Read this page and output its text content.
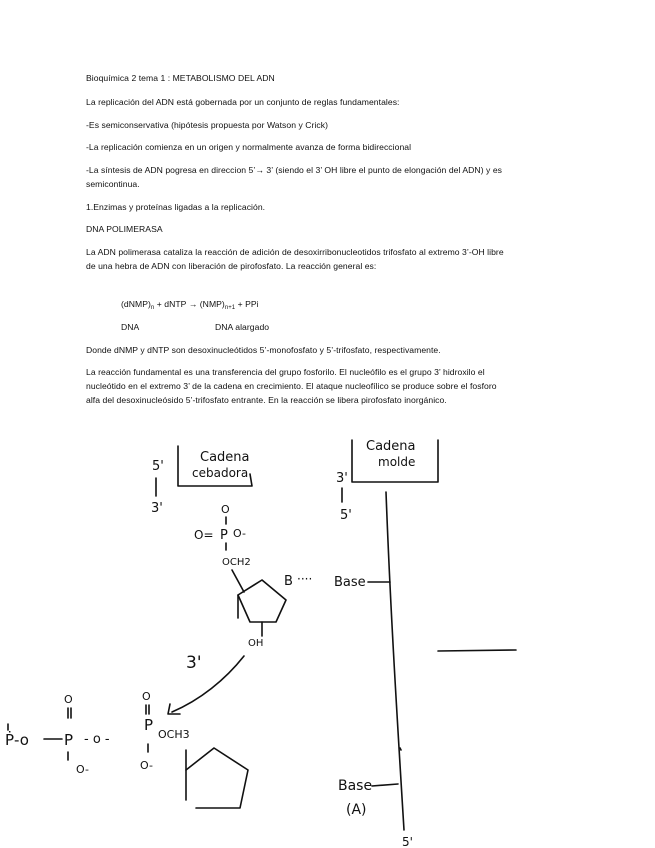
Bioquímica 2 tema 1 : METABOLISMO DEL ADN

La replicación del ADN está gobernada por un conjunto de reglas fundamentales:

-Es semiconservativa (hipótesis propuesta por Watson y Crick)

-La replicación comienza en un origen y normalmente avanza de forma bidireccional

-La síntesis de ADN pogresa en direccion 5’→ 3’ (siendo el 3’ OH libre el punto de elongación del ADN) y es semicontinua.

1.Enzimas y proteínas ligadas a la replicación.

DNA POLIMERASA

La ADN polimerasa cataliza la reacción de adición de desoxirribonucleotidos trifosfato al extremo 3’-OH libre de una hebra de ADN con liberación de pirofosfato. La reacción general es:

$(dNMP)_n$ + dNTP → $(NMP)_{n+1}$ + PPi
DNA	DNA alargado

Donde dNMP y dNTP son desoxinucleótidos 5’-monofosfato y 5’-trifosfato, respectivamente.

La reacción fundamental es una transferencia del grupo fosforilo. El nucleófilo es el grupo 3’ hidroxilo el nucleótido en el extremo 3’ de la cadena en crecimiento. El ataque nucleofílico se produce sobre el fosforo alfa del desoxinucleósido 5’-trifosfato entrante. En la reacción se libera pirofosfato inorgánico.

Cadena
cebadora
5'
3'
Cadena
molde
3'
5'
5'
O
O= P O-
OCH2
B ···· Base
OH
3'
Ṗ-o
O
P
O-
- o -
O
P
OCH3
O-
Base
(A)
